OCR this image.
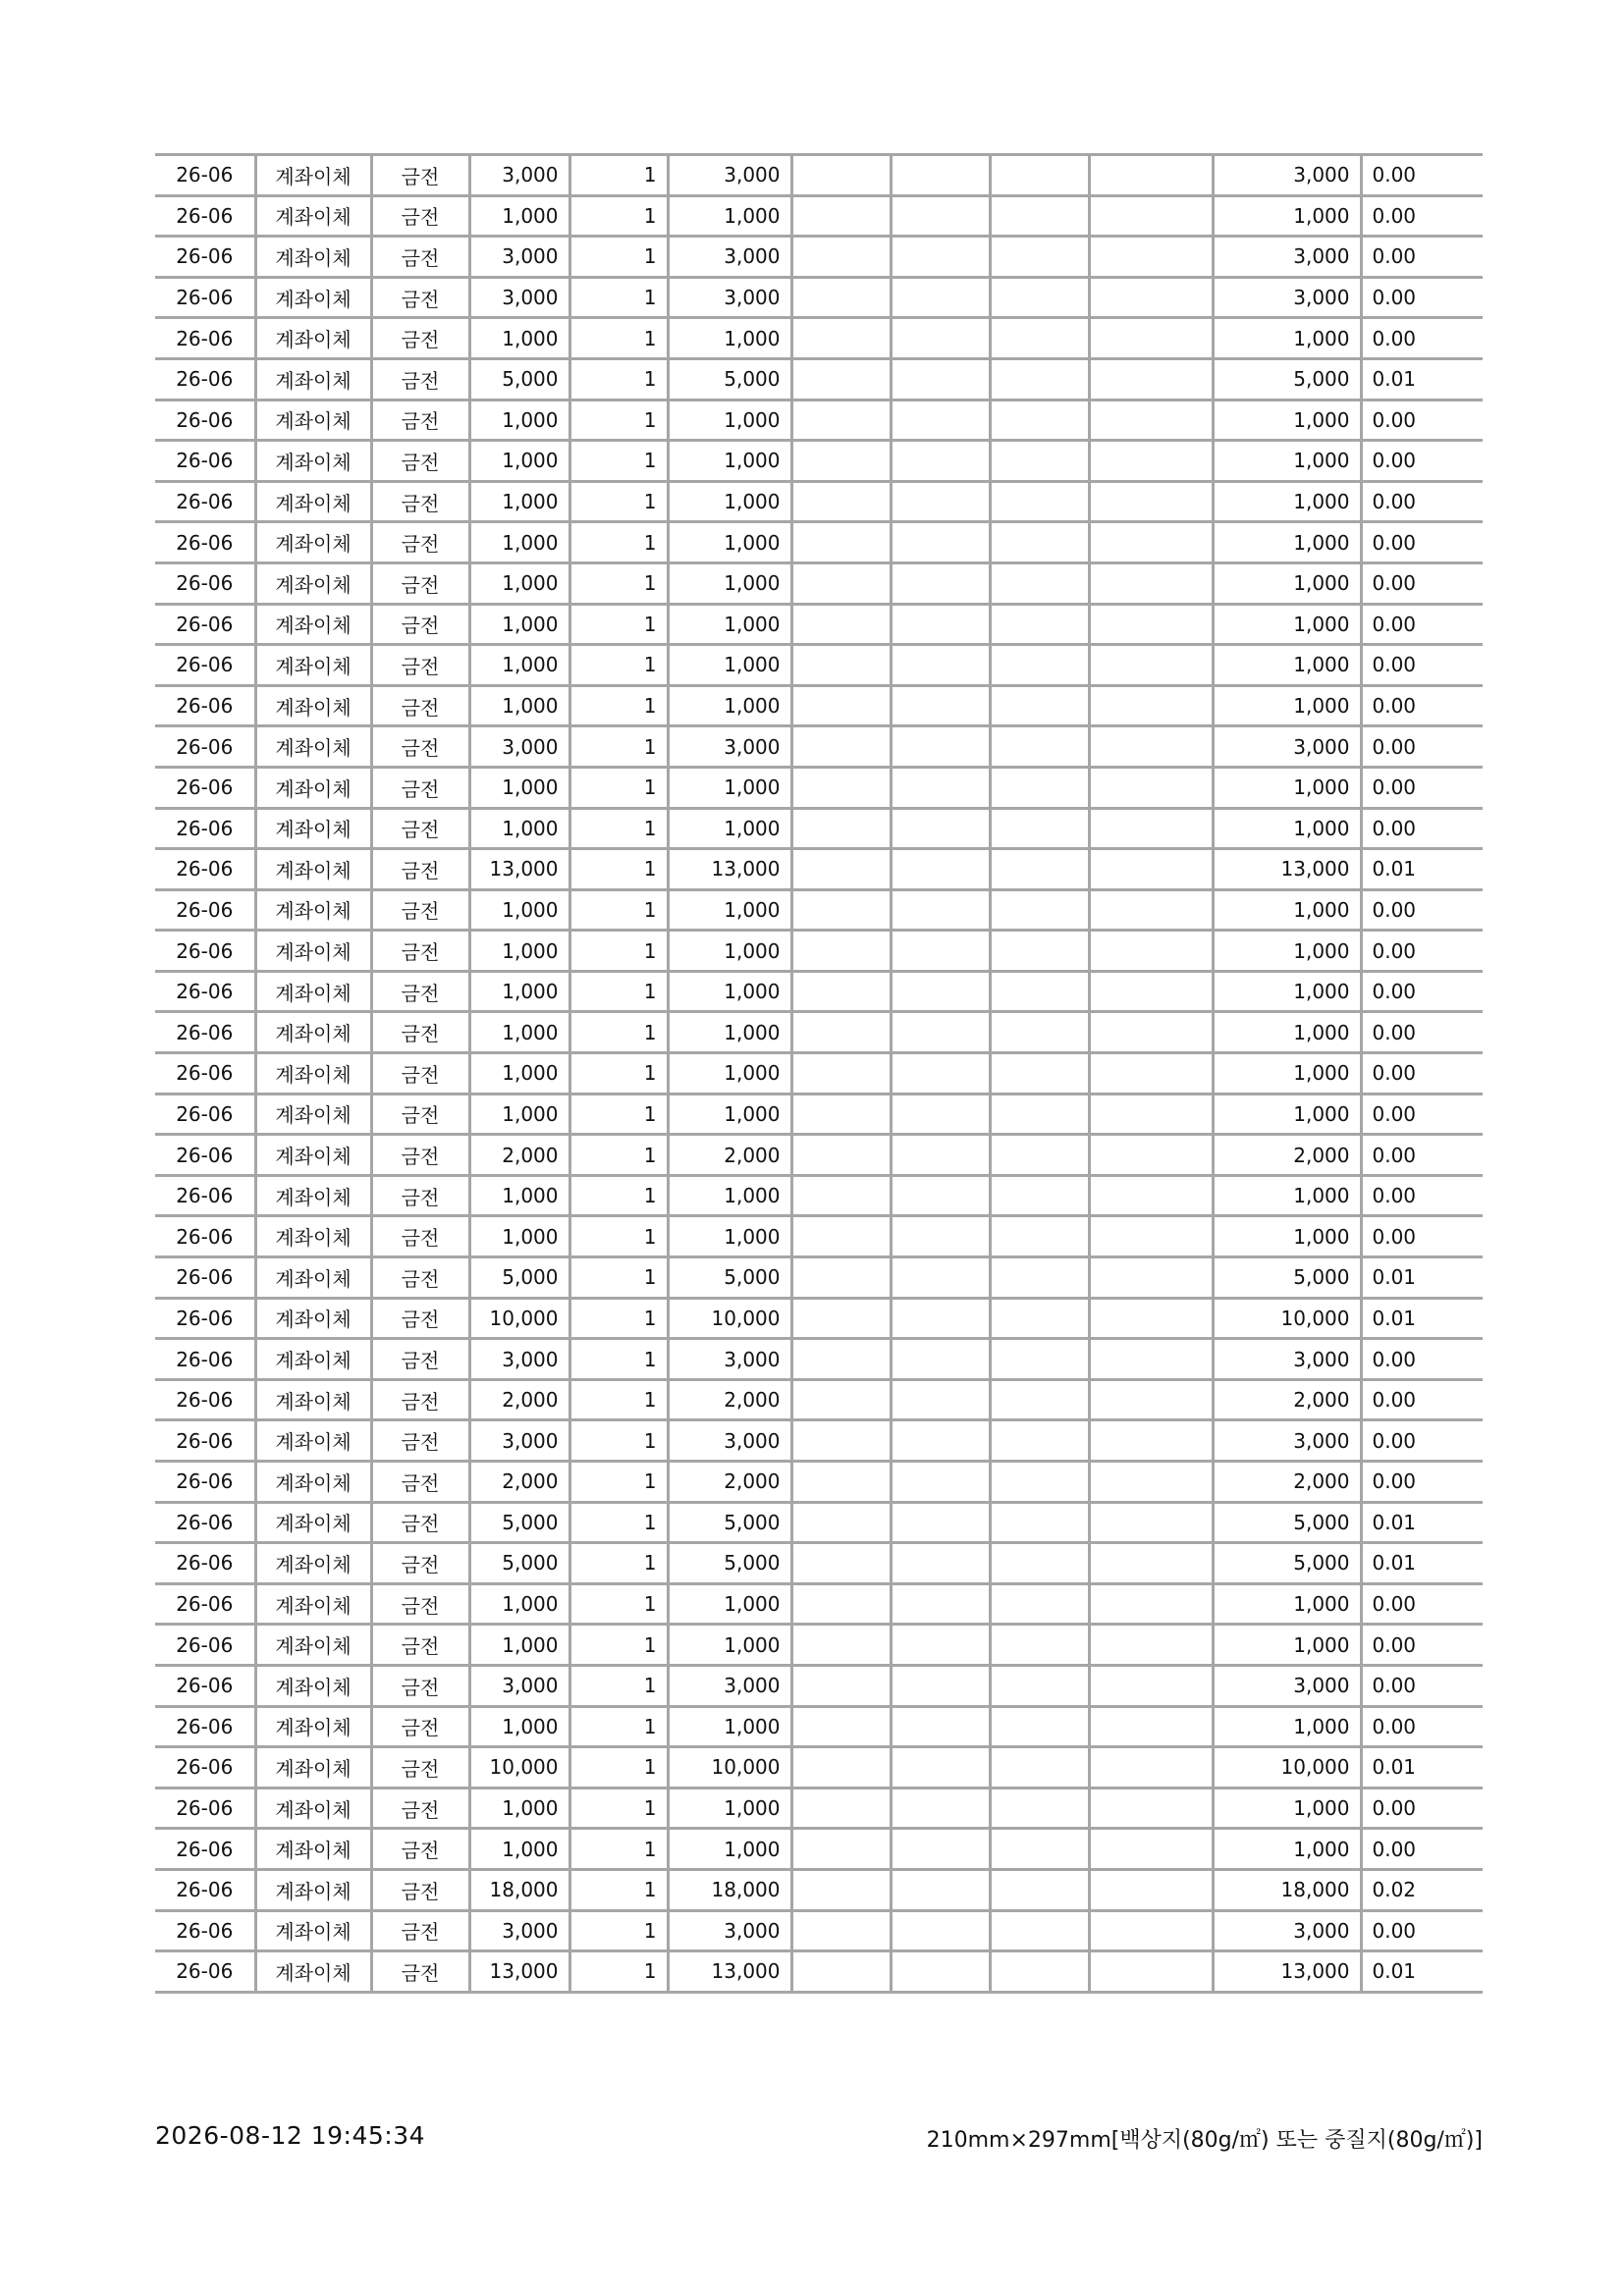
26-06	계좌이체	금전	3,000	1	3,000					3,000	0.00
26-06	계좌이체	금전	1,000	1	1,000					1,000	0.00
26-06	계좌이체	금전	3,000	1	3,000					3,000	0.00
26-06	계좌이체	금전	3,000	1	3,000					3,000	0.00
26-06	계좌이체	금전	1,000	1	1,000					1,000	0.00
26-06	계좌이체	금전	5,000	1	5,000					5,000	0.01
26-06	계좌이체	금전	1,000	1	1,000					1,000	0.00
26-06	계좌이체	금전	1,000	1	1,000					1,000	0.00
26-06	계좌이체	금전	1,000	1	1,000					1,000	0.00
26-06	계좌이체	금전	1,000	1	1,000					1,000	0.00
26-06	계좌이체	금전	1,000	1	1,000					1,000	0.00
26-06	계좌이체	금전	1,000	1	1,000					1,000	0.00
26-06	계좌이체	금전	1,000	1	1,000					1,000	0.00
26-06	계좌이체	금전	1,000	1	1,000					1,000	0.00
26-06	계좌이체	금전	3,000	1	3,000					3,000	0.00
26-06	계좌이체	금전	1,000	1	1,000					1,000	0.00
26-06	계좌이체	금전	1,000	1	1,000					1,000	0.00
26-06	계좌이체	금전	13,000	1	13,000					13,000	0.01
26-06	계좌이체	금전	1,000	1	1,000					1,000	0.00
26-06	계좌이체	금전	1,000	1	1,000					1,000	0.00
26-06	계좌이체	금전	1,000	1	1,000					1,000	0.00
26-06	계좌이체	금전	1,000	1	1,000					1,000	0.00
26-06	계좌이체	금전	1,000	1	1,000					1,000	0.00
26-06	계좌이체	금전	1,000	1	1,000					1,000	0.00
26-06	계좌이체	금전	2,000	1	2,000					2,000	0.00
26-06	계좌이체	금전	1,000	1	1,000					1,000	0.00
26-06	계좌이체	금전	1,000	1	1,000					1,000	0.00
26-06	계좌이체	금전	5,000	1	5,000					5,000	0.01
26-06	계좌이체	금전	10,000	1	10,000					10,000	0.01
26-06	계좌이체	금전	3,000	1	3,000					3,000	0.00
26-06	계좌이체	금전	2,000	1	2,000					2,000	0.00
26-06	계좌이체	금전	3,000	1	3,000					3,000	0.00
26-06	계좌이체	금전	2,000	1	2,000					2,000	0.00
26-06	계좌이체	금전	5,000	1	5,000					5,000	0.01
26-06	계좌이체	금전	5,000	1	5,000					5,000	0.01
26-06	계좌이체	금전	1,000	1	1,000					1,000	0.00
26-06	계좌이체	금전	1,000	1	1,000					1,000	0.00
26-06	계좌이체	금전	3,000	1	3,000					3,000	0.00
26-06	계좌이체	금전	1,000	1	1,000					1,000	0.00
26-06	계좌이체	금전	10,000	1	10,000					10,000	0.01
26-06	계좌이체	금전	1,000	1	1,000					1,000	0.00
26-06	계좌이체	금전	1,000	1	1,000					1,000	0.00
26-06	계좌이체	금전	18,000	1	18,000					18,000	0.02
26-06	계좌이체	금전	3,000	1	3,000					3,000	0.00
26-06	계좌이체	금전	13,000	1	13,000					13,000	0.01
2026-08-12 19:45:34	210mm×297mm[백상지(80g/㎡) 또는 중질지(80g/㎡)]
